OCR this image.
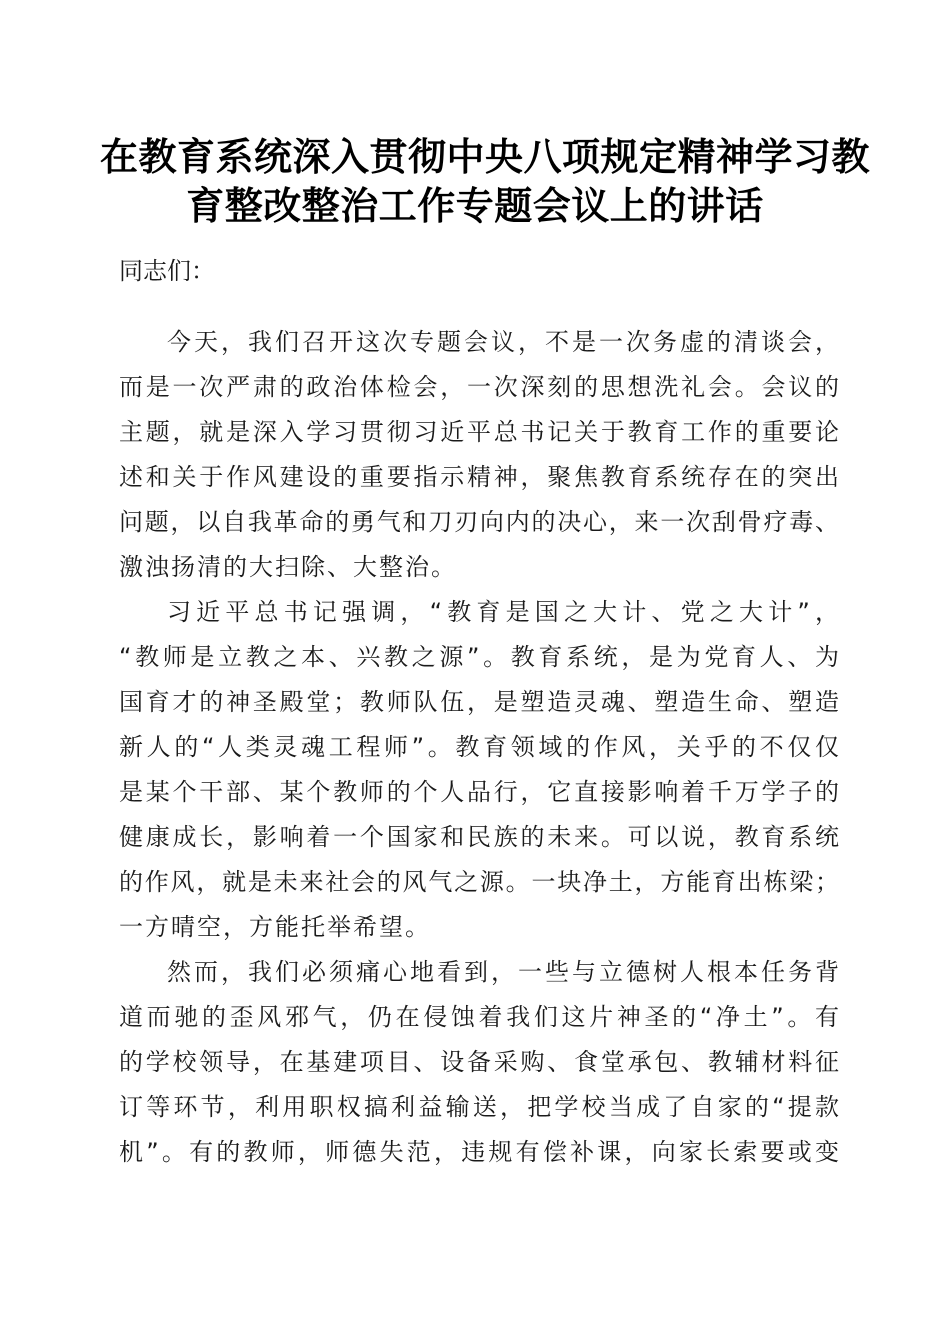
在教育系统深入贯彻中央八项规定精神学习教
育整改整治工作专题会议上的讲话
同志们：
今天，我们召开这次专题会议，不是一次务虚的清谈会，
而是一次严肃的政治体检会，一次深刻的思想洗礼会。会议的
主题，就是深入学习贯彻习近平总书记关于教育工作的重要论
述和关于作风建设的重要指示精神，聚焦教育系统存在的突出
问题，以自我革命的勇气和刀刃向内的决心，来一次刮骨疗毒、
激浊扬清的大扫除、大整治。
习近平总书记强调，“教育是国之大计、党之大计”，
“教师是立教之本、兴教之源”。教育系统，是为党育人、为
国育才的神圣殿堂；教师队伍，是塑造灵魂、塑造生命、塑造
新人的“人类灵魂工程师”。教育领域的作风，关乎的不仅仅
是某个干部、某个教师的个人品行，它直接影响着千万学子的
健康成长，影响着一个国家和民族的未来。可以说，教育系统
的作风，就是未来社会的风气之源。一块净土，方能育出栋梁；
一方晴空，方能托举希望。
然而，我们必须痛心地看到，一些与立德树人根本任务背
道而驰的歪风邪气，仍在侵蚀着我们这片神圣的“净土”。有
的学校领导，在基建项目、设备采购、食堂承包、教辅材料征
订等环节，利用职权搞利益输送，把学校当成了自家的“提款
机”。有的教师，师德失范，违规有偿补课，向家长索要或变
